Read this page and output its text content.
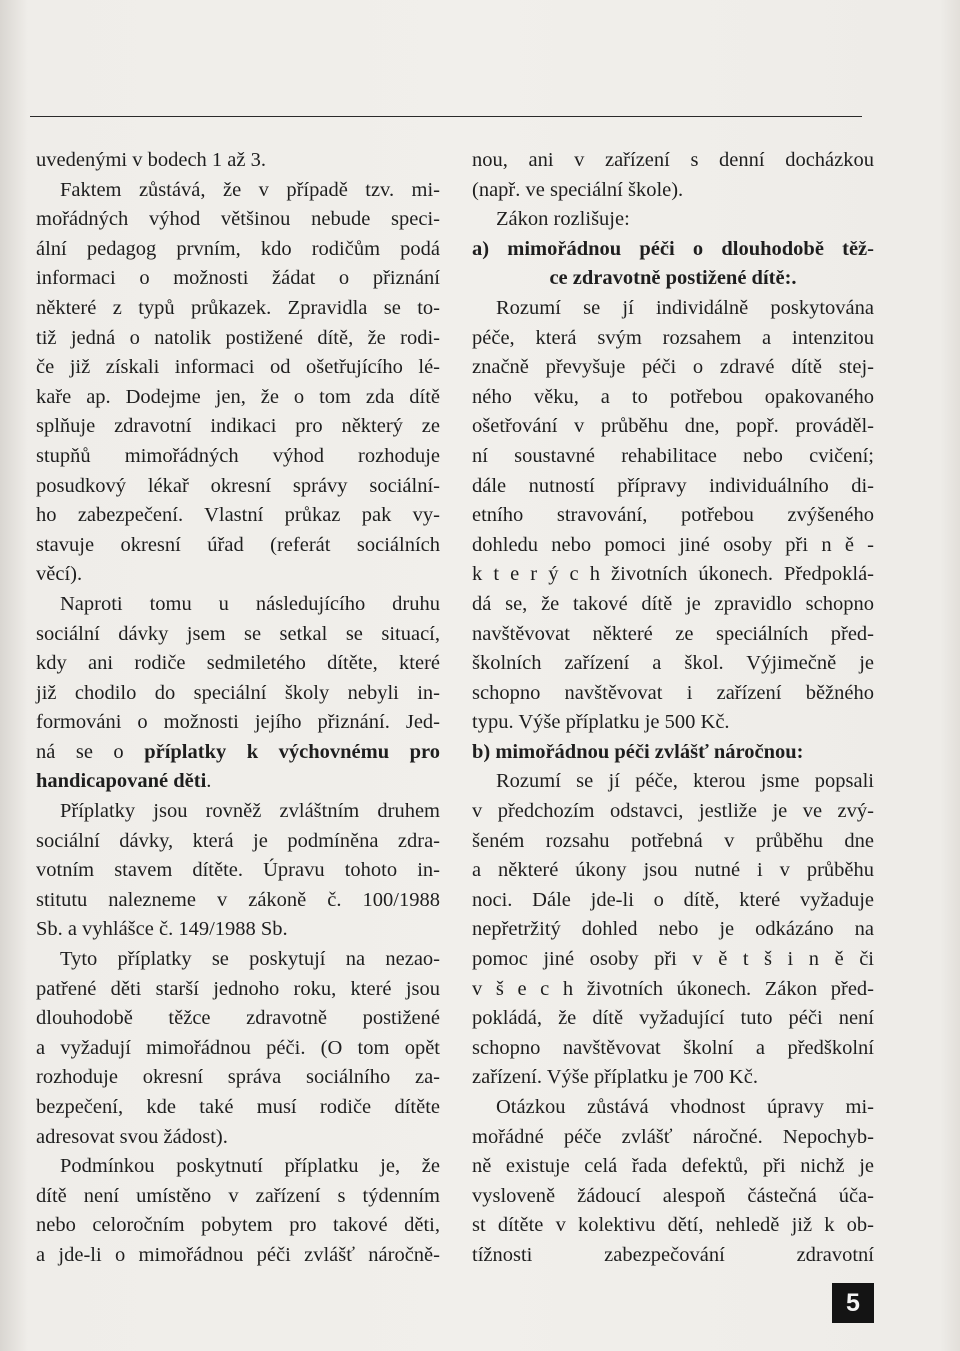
uvedenými v bodech 1 až 3.
Faktem zůstává, že v případě tzv. mi-
mořádných výhod většinou nebude speci-
ální pedagog prvním, kdo rodičům podá
informaci o možnosti žádat o přiznání
některé z typů průkazek. Zpravidla se to-
tiž jedná o natolik postižené dítě, že rodi-
če již získali informaci od ošetřujícího lé-
kaře ap. Dodejme jen, že o tom zda dítě
splňuje zdravotní indikaci pro některý ze
stupňů mimořádných výhod rozhoduje
posudkový lékař okresní správy sociální-
ho zabezpečení. Vlastní průkaz pak vy-
stavuje okresní úřad (referát sociálních
věcí).
Naproti tomu u následujícího druhu
sociální dávky jsem se setkal se situací,
kdy ani rodiče sedmiletého dítěte, které
již chodilo do speciální školy nebyli in-
formováni o možnosti jejího přiznání. Jed-
ná se o příplatky k výchovnému pro
handicapované děti.
Příplatky jsou rovněž zvláštním druhem
sociální dávky, která je podmíněna zdra-
votním stavem dítěte. Úpravu tohoto in-
stitutu nalezneme v zákoně č. 100/1988
Sb. a vyhlášce č. 149/1988 Sb.
Tyto příplatky se poskytují na nezao-
patřené děti starší jednoho roku, které jsou
dlouhodobě těžce zdravotně postižené
a vyžadují mimořádnou péči. (O tom opět
rozhoduje okresní správa sociálního za-
bezpečení, kde také musí rodiče dítěte
adresovat svou žádost).
Podmínkou poskytnutí příplatku je, že
dítě není umístěno v zařízení s týdenním
nebo celoročním pobytem pro takové děti,
a jde-li o mimořádnou péči zvlášť náročně-
nou, ani v zařízení s denní docházkou
(např. ve speciální škole).
Zákon rozlišuje:
a) mimořádnou péči o dlouhodobě těž-
ce zdravotně postižené dítě:.
Rozumí se jí individálně poskytována
péče, která svým rozsahem a intenzitou
značně převyšuje péči o zdravé dítě stej-
ného věku, a to potřebou opakovaného
ošetřování v průběhu dne, popř. prováděl-
ní soustavné rehabilitace nebo cvičení;
dále nutností přípravy individuálního di-
etního stravování, potřebou zvýšeného
dohledu nebo pomoci jiné osoby při n ě -
k t e r ý c h životních úkonech. Předpoklá-
dá se, že takové dítě je zpravidlo schopno
navštěvovat některé ze speciálních před-
školních zařízení a škol. Výjimečně je
schopno navštěvovat i zařízení běžného
typu. Výše příplatku je 500 Kč.
b) mimořádnou péči zvlášť náročnou:
Rozumí se jí péče, kterou jsme popsali
v předchozím odstavci, jestliže je ve zvý-
šeném rozsahu potřebná v průběhu dne
a některé úkony jsou nutné i v průběhu
noci. Dále jde-li o dítě, které vyžaduje
nepřetržitý dohled nebo je odkázáno na
pomoc jiné osoby při v ě t š i n ě či
v š e c h životních úkonech. Zákon před-
pokládá, že dítě vyžadující tuto péči není
schopno navštěvovat školní a předškolní
zařízení. Výše příplatku je 700 Kč.
Otázkou zůstává vhodnost úpravy mi-
mořádné péče zvlášť náročné. Nepochyb-
ně existuje celá řada defektů, při nichž je
vysloveně žádoucí alespoň částečná úča-
st dítěte v kolektivu dětí, nehledě již k ob-
tížnosti zabezpečování zdravotní
5
